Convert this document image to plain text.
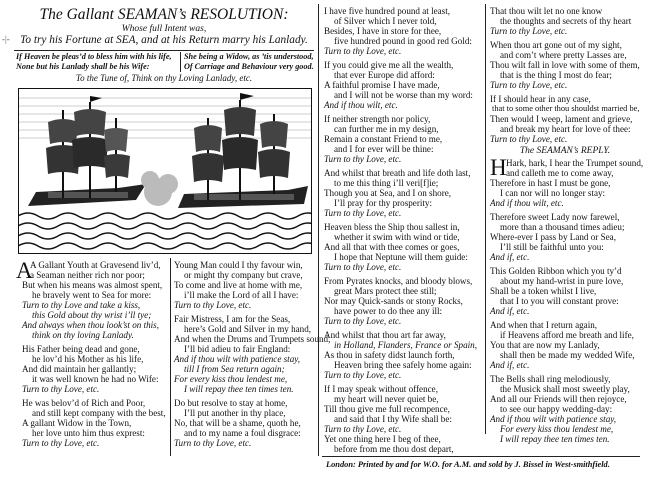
-|-
The Gallant SEAMAN’s RESOLUTION:
Whose full Intent was,
To try his Fortune at SEA, and at his Return marry his Lanlady.
If Heaven be pleas’d to bless him with his life,
None but his Lanlady shall be his Wife:
She being a Widow, as ’tis understood,
Of Carriage and Behaviour very good.
To the Tune of, Think on thy Loving Lanlady, etc.
A
A Gallant Youth at Gravesend liv’d,
a Seaman neither rich nor poor;
But when his means was almost spent,
he bravely went to Sea for more:
Turn to thy Love and take a kiss,
this Gold about thy wrist i’ll tye;
And always when thou look’st on this,
think on thy loving Lanlady.
His Father being dead and gone,
he lov’d his Mother as his life,
And did maintain her gallantly;
it was well known he had no Wife:
Turn to thy Love, etc.
He was belov’d of Rich and Poor,
and still kept company with the best,
A gallant Widow in the Town,
her love unto him thus exprest:
Turn to thy Love, etc.
Young Man could I thy favour win,
or might thy company but crave,
To come and live at home with me,
i’ll make the Lord of all I have:
Turn to thy Love, etc.
Fair Mistress, I am for the Seas,
here’s Gold and Silver in my hand,
And when the Drums and Trumpets sound,
I’ll bid adieu to fair England:
And if thou wilt with patience stay,
till I from Sea return again;
For every kiss thou lendest me,
I will repay thee ten times ten.
Do but resolve to stay at home,
I’ll put another in thy place,
No, that will be a shame, quoth he,
and to my name a foul disgrace:
Turn to thy Love, etc.
I have five hundred pound at least,
of Silver which I never told,
Besides, I have in store for thee,
five hundred pound in good red Gold:
Turn to thy Love, etc.
If you could give me all the wealth,
that ever Europe did afford:
A faithful promise I have made,
and I will not be worse than my word:
And if thou wilt, etc.
If neither strength nor policy,
can further me in my design,
Remain a constant Friend to me,
and I for ever will be thine:
Turn to thy Love, etc.
And whilst that breath and life doth last,
to me this thing i’ll veri[f]ie;
Though you at Sea, and I on shore,
I’ll pray for thy prosperity:
Turn to thy Love, etc.
Heaven bless the Ship thou sallest in,
whether it swim with wind or tide,
And all that with thee comes or goes,
I hope that Neptune will them guide:
Turn to thy Love, etc.
From Pyrates knocks, and bloody blows,
great Mars protect thee still;
Nor may Quick-sands or stony Rocks,
have power to do thee any ill:
Turn to thy Love, etc.
And whilst that thou art far away,
in Holland, Flanders, France or Spain,
As thou in safety didst launch forth,
Heaven bring thee safely home again:
Turn to thy Love, etc.
If I may speak without offence,
my heart will never quiet be,
Till thou give me full recompence,
and said that I thy Wife shall be:
Turn to thy Love, etc.
Yet one thing here I beg of thee,
before from me thou dost depart,
That thou wilt let no one know
the thoughts and secrets of thy heart
Turn to thy Love, etc.
When thou art gone out of my sight,
and com’t where pretty Lasses are,
Thou wilt fall in love with some of them,
that is the thing I most do fear;
Turn to thy Love, etc.
If I should hear in any case,
that to some other thou shouldst married be,
Then would I weep, lament and grieve,
and break my heart for love of thee:
Turn to thy Love, etc.
The SEAMAN’s REPLY.
H Hark, hark, I hear the Trumpet sound,
and calleth me to come away,
Therefore in hast I must be gone,
I can nor will no longer stay:
And if thou wilt, etc.
Therefore sweet Lady now farewel,
more than a thousand times adieu;
Where-ever I pass by Land or Sea,
I’ll still be faithful unto you:
And if, etc.
This Golden Ribbon which you ty’d
about my hand-wrist in pure love,
Shall be a token whilst I live,
that I to you will constant prove:
And if, etc.
And when that I return again,
if Heavens afford me breath and life,
You that are now my Lanlady,
shall then be made my wedded Wife,
And if, etc.
The Bells shall ring melodiously,
the Musick shall most sweetly play,
And all our Friends will then rejoyce,
to see our happy wedding-day:
And if thou wilt with patience stay,
For every kiss thou lendest me,
I will repay thee ten times ten.
London: Printed by and for W.O. for A.M. and sold by J. Bissel in West-smithfield.
